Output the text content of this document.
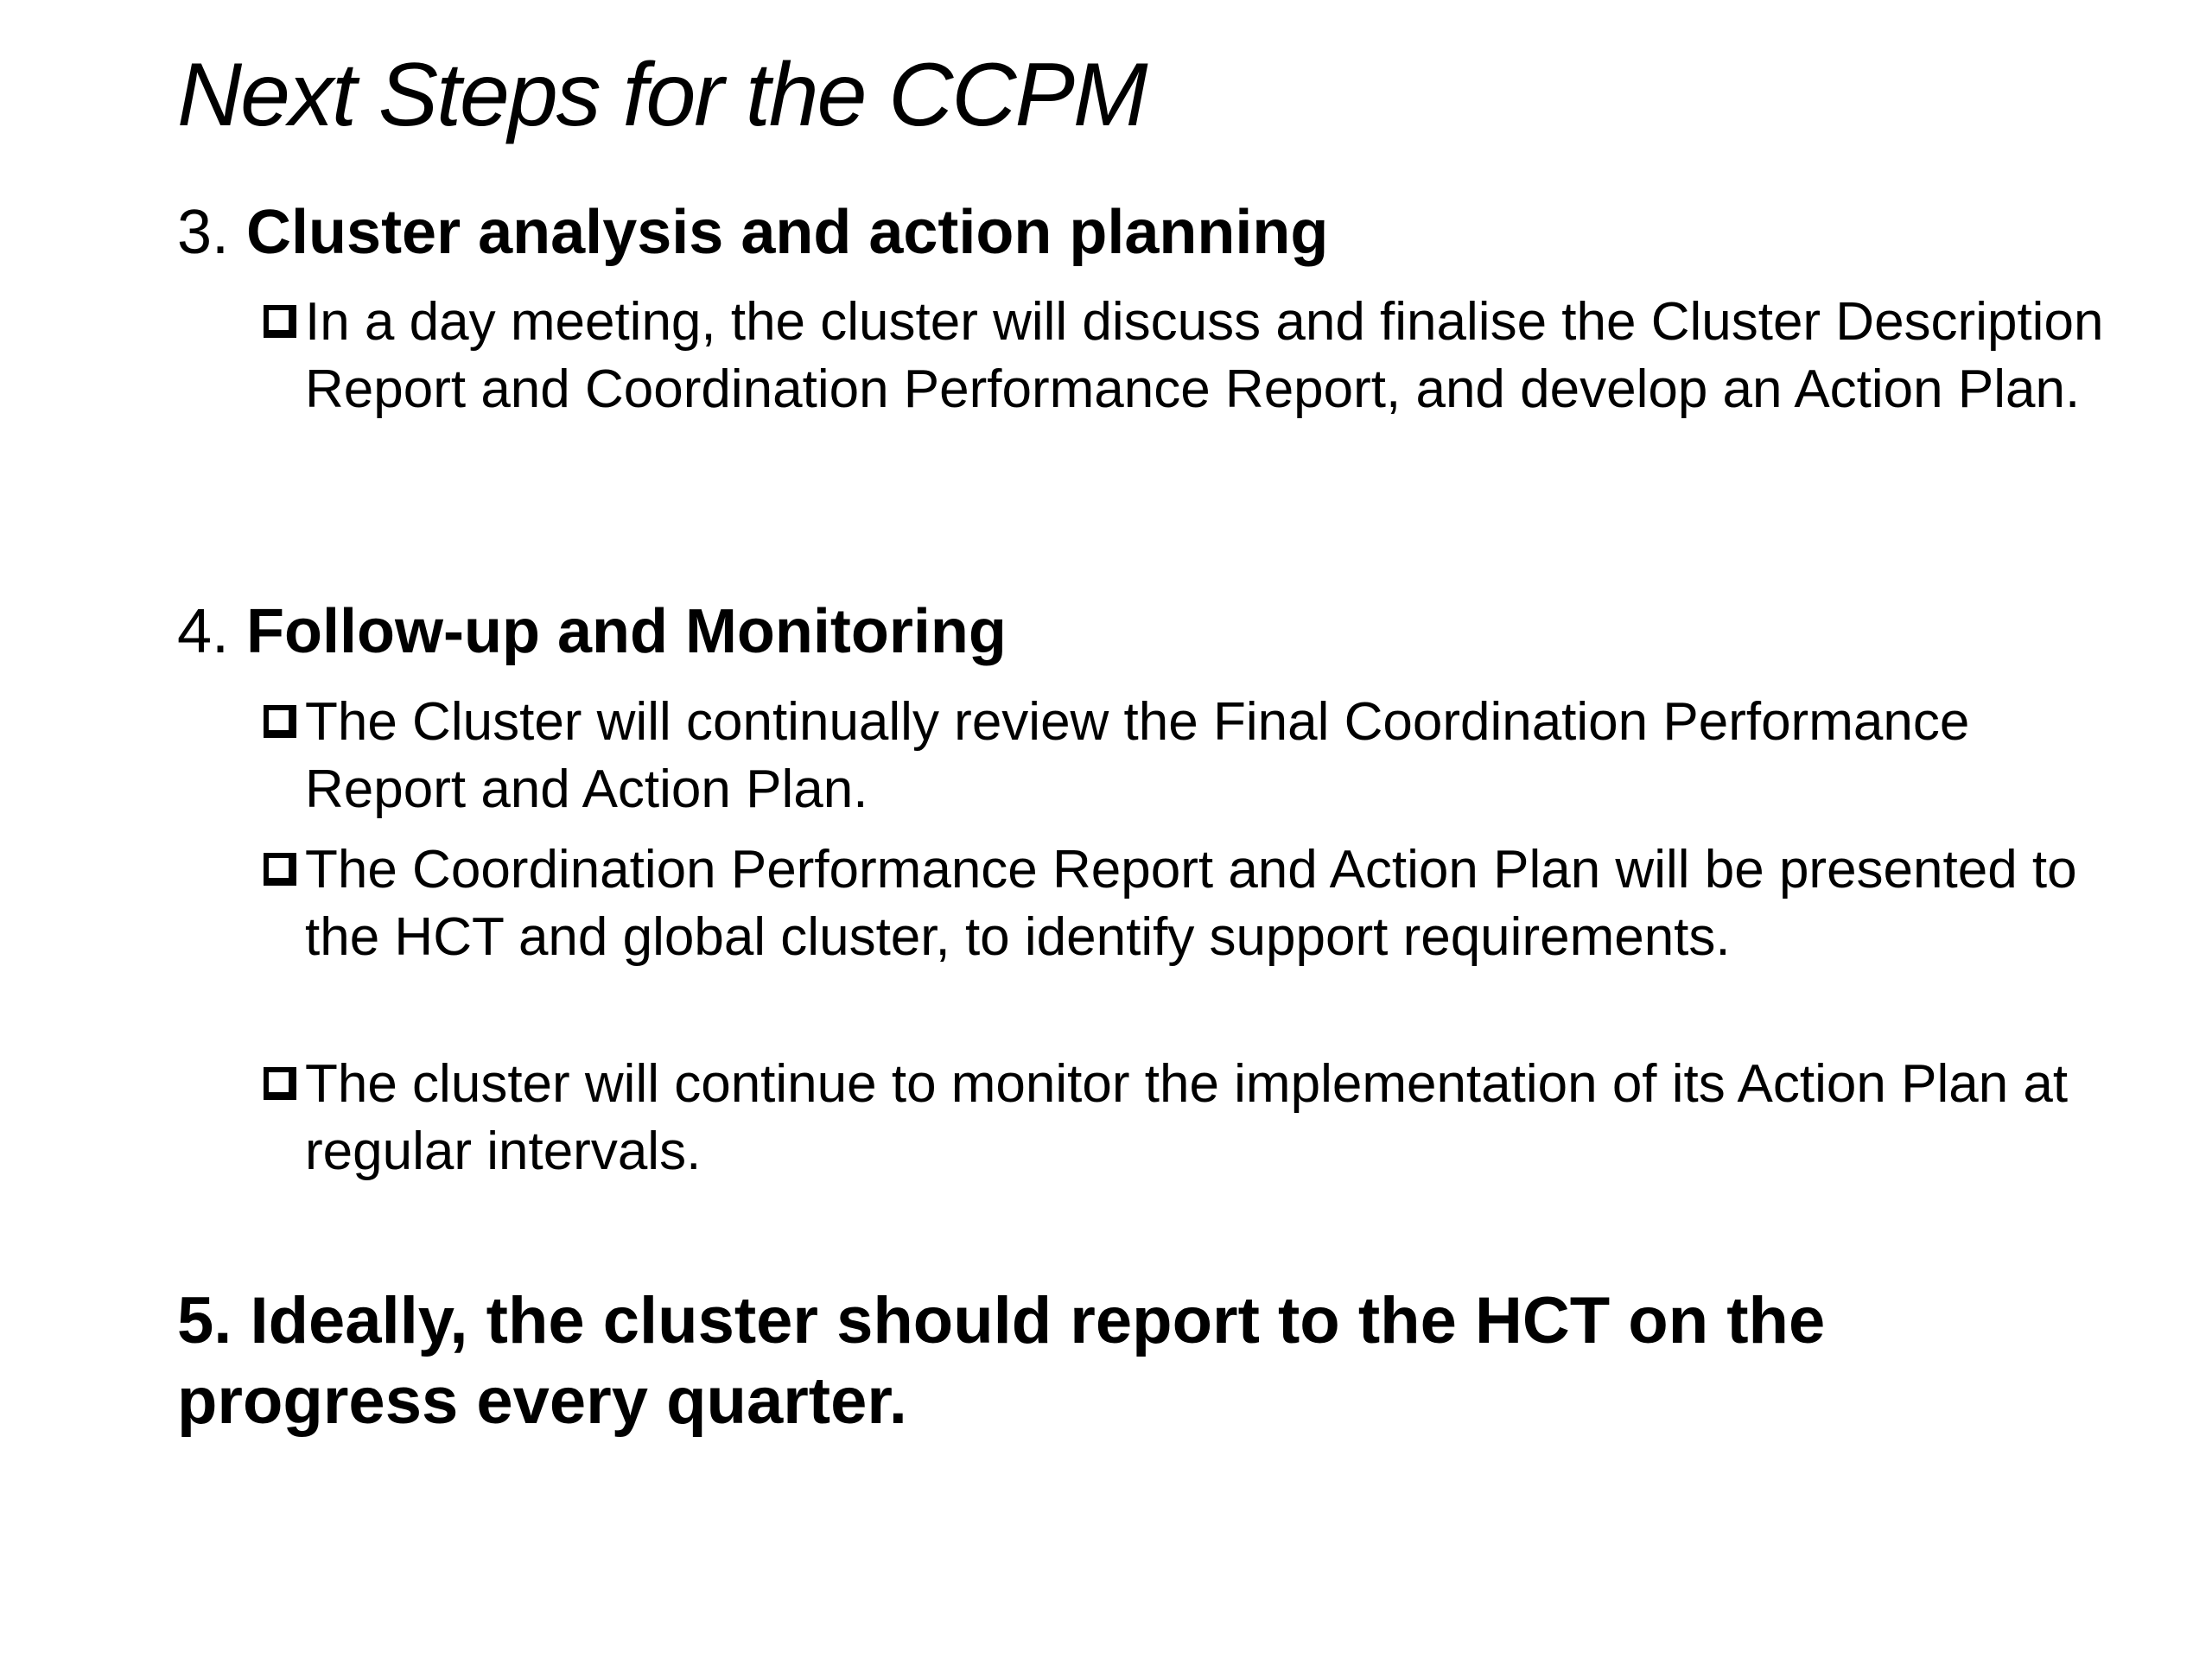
Next Steps for the CCPM
3. Cluster analysis and action planning
In a day meeting, the cluster will discuss and finalise the Cluster Description Report and Coordination Performance Report, and develop an Action Plan.
4. Follow-up and Monitoring
The Cluster will continually review the Final Coordination Performance Report and Action Plan.
The Coordination Performance Report and Action Plan will be presented to the HCT and global cluster, to identify support requirements.
The cluster will continue to monitor the implementation of its Action Plan at regular intervals.
5. Ideally, the cluster should report to the HCT on the progress every quarter.
